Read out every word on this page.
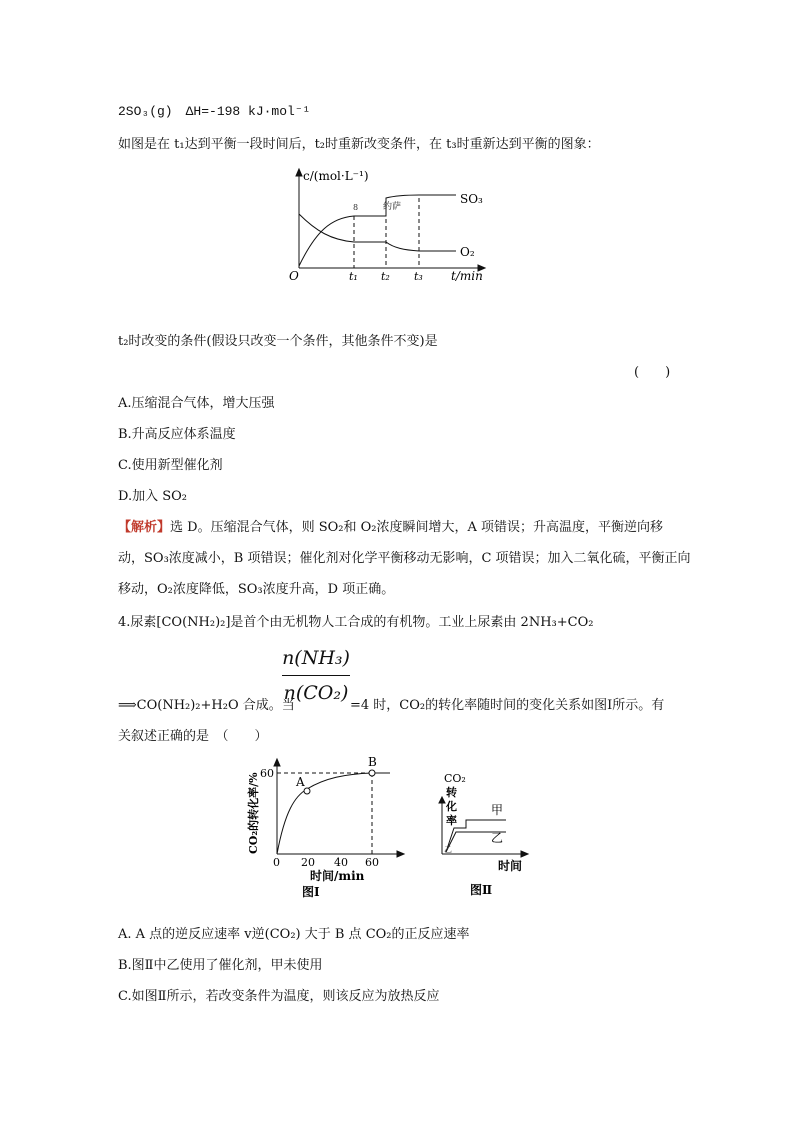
2SO₃(g)　ΔH=-198 kJ·mol⁻¹
如图是在 t₁达到平衡一段时间后，t₂时重新改变条件，在 t₃时重新达到平衡的图象：
c/(mol·L⁻¹)
O	t/min
t₁ t₂ t₃
SO₃
O₂
8	约萨
t₂时改变的条件(假设只改变一个条件，其他条件不变)是
(　　)
A.压缩混合气体，增大压强
B.升高反应体系温度
C.使用新型催化剂
D.加入 SO₂
【解析】选 D。压缩混合气体，则 SO₂和 O₂浓度瞬间增大，A 项错误；升高温度，平衡逆向移
动，SO₃浓度减小，B 项错误；催化剂对化学平衡移动无影响，C 项错误；加入二氧化硫，平衡正向
移动，O₂浓度降低，SO₃浓度升高，D 项正确。
4.尿素[CO(NH₂)₂]是首个由无机物人工合成的有机物。工业上尿素由 2NH₃+CO₂
n(NH₃)
n(CO₂)
⟹CO(NH₂)₂+H₂O 合成。当	=4 时，CO₂的转化率随时间的变化关系如图Ⅰ所示。有
关叙述正确的是　（　　）
60
0 20 40 60
A
B
时间/min
图Ⅰ
CO₂的转化率/%	CO₂
转
化
率
甲
乙
乙
时间
图Ⅱ
A. A 点的逆反应速率 v逆(CO₂) 大于 B 点 CO₂的正反应速率
B.图Ⅱ中乙使用了催化剂，甲未使用
C.如图Ⅱ所示，若改变条件为温度，则该反应为放热反应
